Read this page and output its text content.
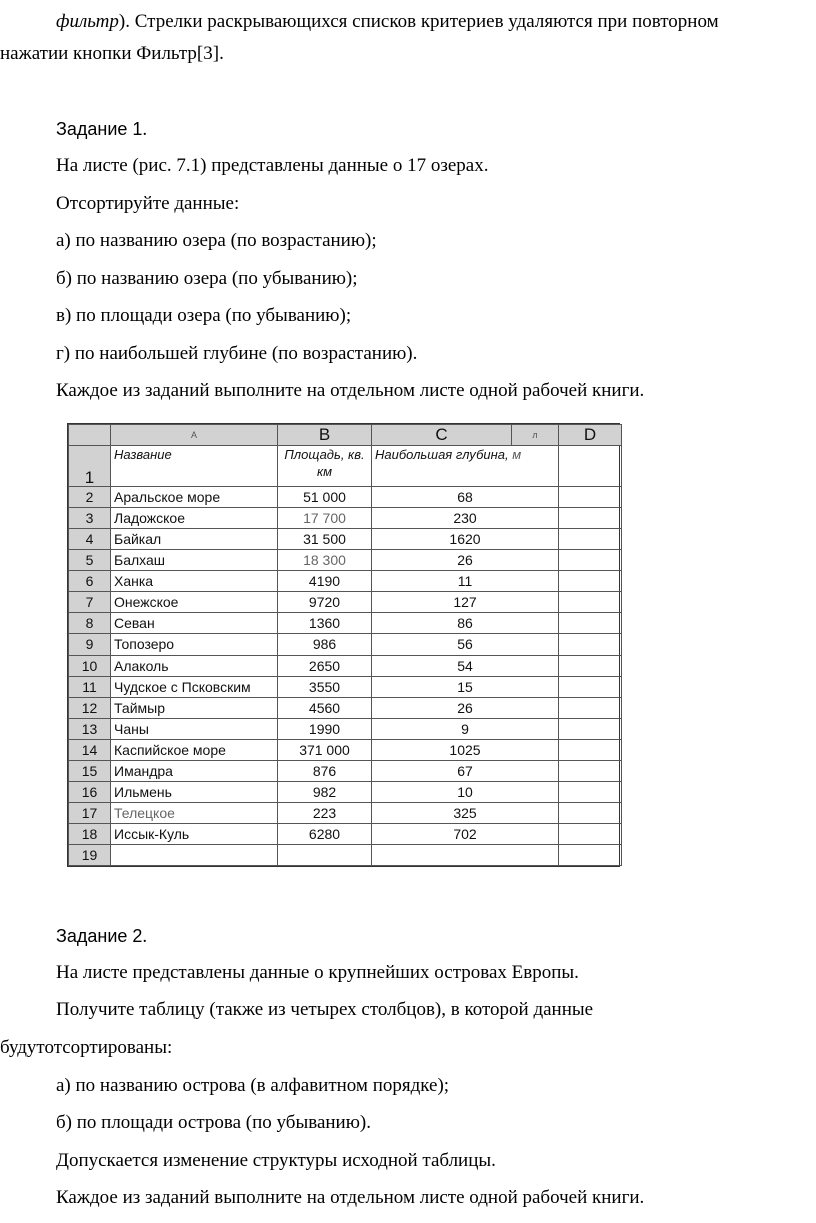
фильтр). Стрелки раскрывающихся списков критериев удаляются при повторном
нажатии кнопки Фильтр[3].
Задание 1.
На листе (рис. 7.1) представлены данные о 17 озерах.
Отсортируйте данные:
а) по названию озера (по возрастанию);
б) по названию озера (по убыванию);
в) по площади озера (по убыванию);
г) по наибольшей глубине (по возрастанию).
Каждое из заданий выполните на отдельном листе одной рабочей книги.
	A	B	C	л	D
1	Название	Площадь, кв. км	Наибольшая глубина, м		
2	Аральское море	51 000	68		
3	Ладожское	17 700	230		
4	Байкал	31 500	1620		
5	Балхаш	18 300	26		
6	Ханка	4190	11		
7	Онежское	9720	127		
8	Севан	1360	86		
9	Топозеро	986	56		
10	Алаколь	2650	54		
11	Чудское с Псковским	3550	15		
12	Таймыр	4560	26		
13	Чаны	1990	9		
14	Каспийское море	371 000	1025		
15	Имандра	876	67		
16	Ильмень	982	10		
17	Телецкое	223	325		
18	Иссык-Куль	6280	702		
19					
Задание 2.
На листе представлены данные о крупнейших островах Европы.
Получите таблицу (также из четырех столбцов), в которой данные
будутотсортированы:
а) по названию острова (в алфавитном порядке);
б) по площади острова (по убыванию).
Допускается изменение структуры исходной таблицы.
Каждое из заданий выполните на отдельном листе одной рабочей книги.
